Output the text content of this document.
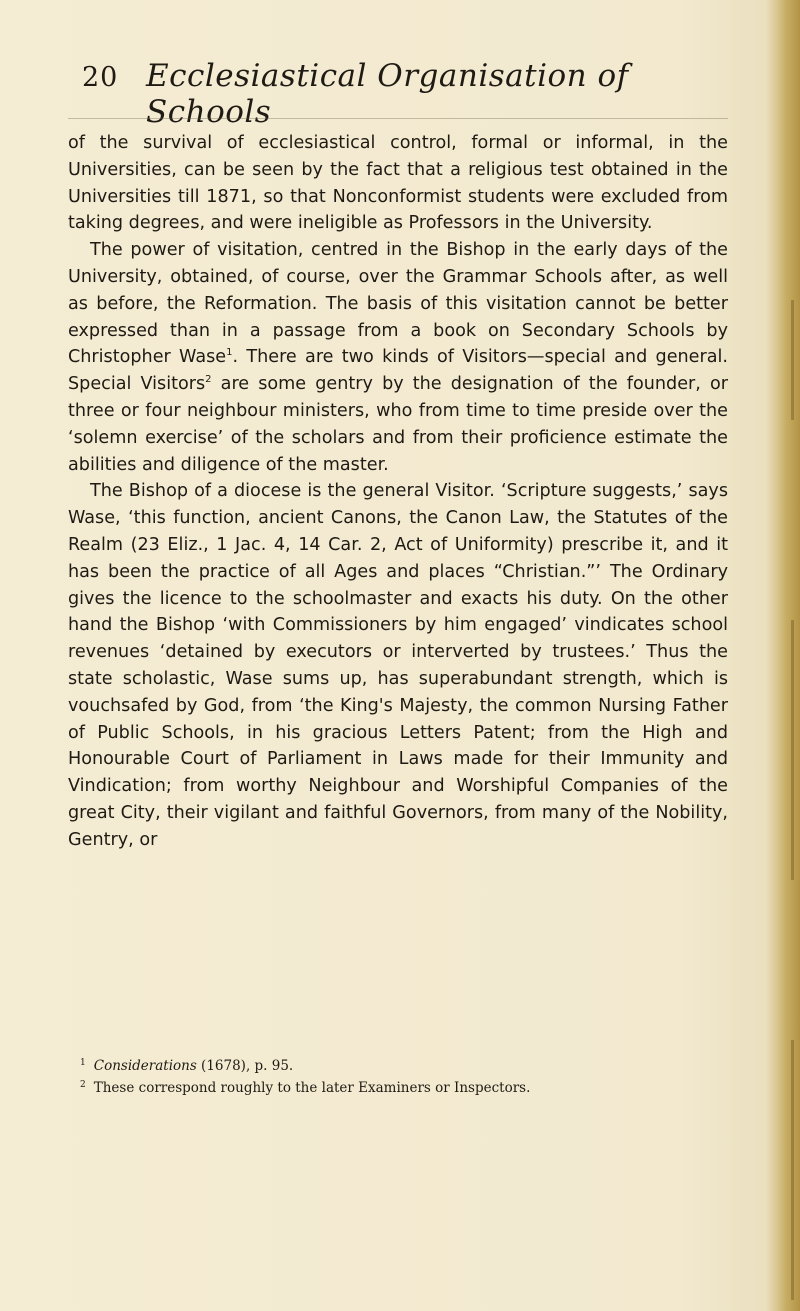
20 Ecclesiastical Organisation of Schools

of the survival of ecclesiastical control, formal or informal, in the Universities, can be seen by the fact that a religious test obtained in the Universities till 1871, so that Nonconformist students were excluded from taking degrees, and were ineligible as Professors in the University.

The power of visitation, centred in the Bishop in the early days of the University, obtained, of course, over the Grammar Schools after, as well as before, the Reformation. The basis of this visitation cannot be better expressed than in a passage from a book on Secondary Schools by Christopher Wase$^1$. There are two kinds of Visitors—special and general. Special Visitors$^2$ are some gentry by the designation of the founder, or three or four neighbour ministers, who from time to time preside over the ‘solemn exercise’ of the scholars and from their proficience estimate the abilities and diligence of the master.

The Bishop of a diocese is the general Visitor. ‘Scripture suggests,’ says Wase, ‘this function, ancient Canons, the Canon Law, the Statutes of the Realm (23 Eliz., 1 Jac. 4, 14 Car. 2, Act of Uniformity) prescribe it, and it has been the practice of all Ages and places “Christian.”’ The Ordinary gives the licence to the schoolmaster and exacts his duty. On the other hand the Bishop ‘with Commissioners by him engaged’ vindicates school revenues ‘detained by executors or interverted by trustees.’ Thus the state scholastic, Wase sums up, has superabundant strength, which is vouchsafed by God, from ‘the King's Majesty, the common Nursing Father of Public Schools, in his gracious Letters Patent; from the High and Honourable Court of Parliament in Laws made for their Immunity and Vindication; from worthy Neighbour and Worshipful Companies of the great City, their vigilant and faithful Governors, from many of the Nobility, Gentry, or

$^1$ Considerations (1678), p. 95.

$^2$ These correspond roughly to the later Examiners or Inspectors.
